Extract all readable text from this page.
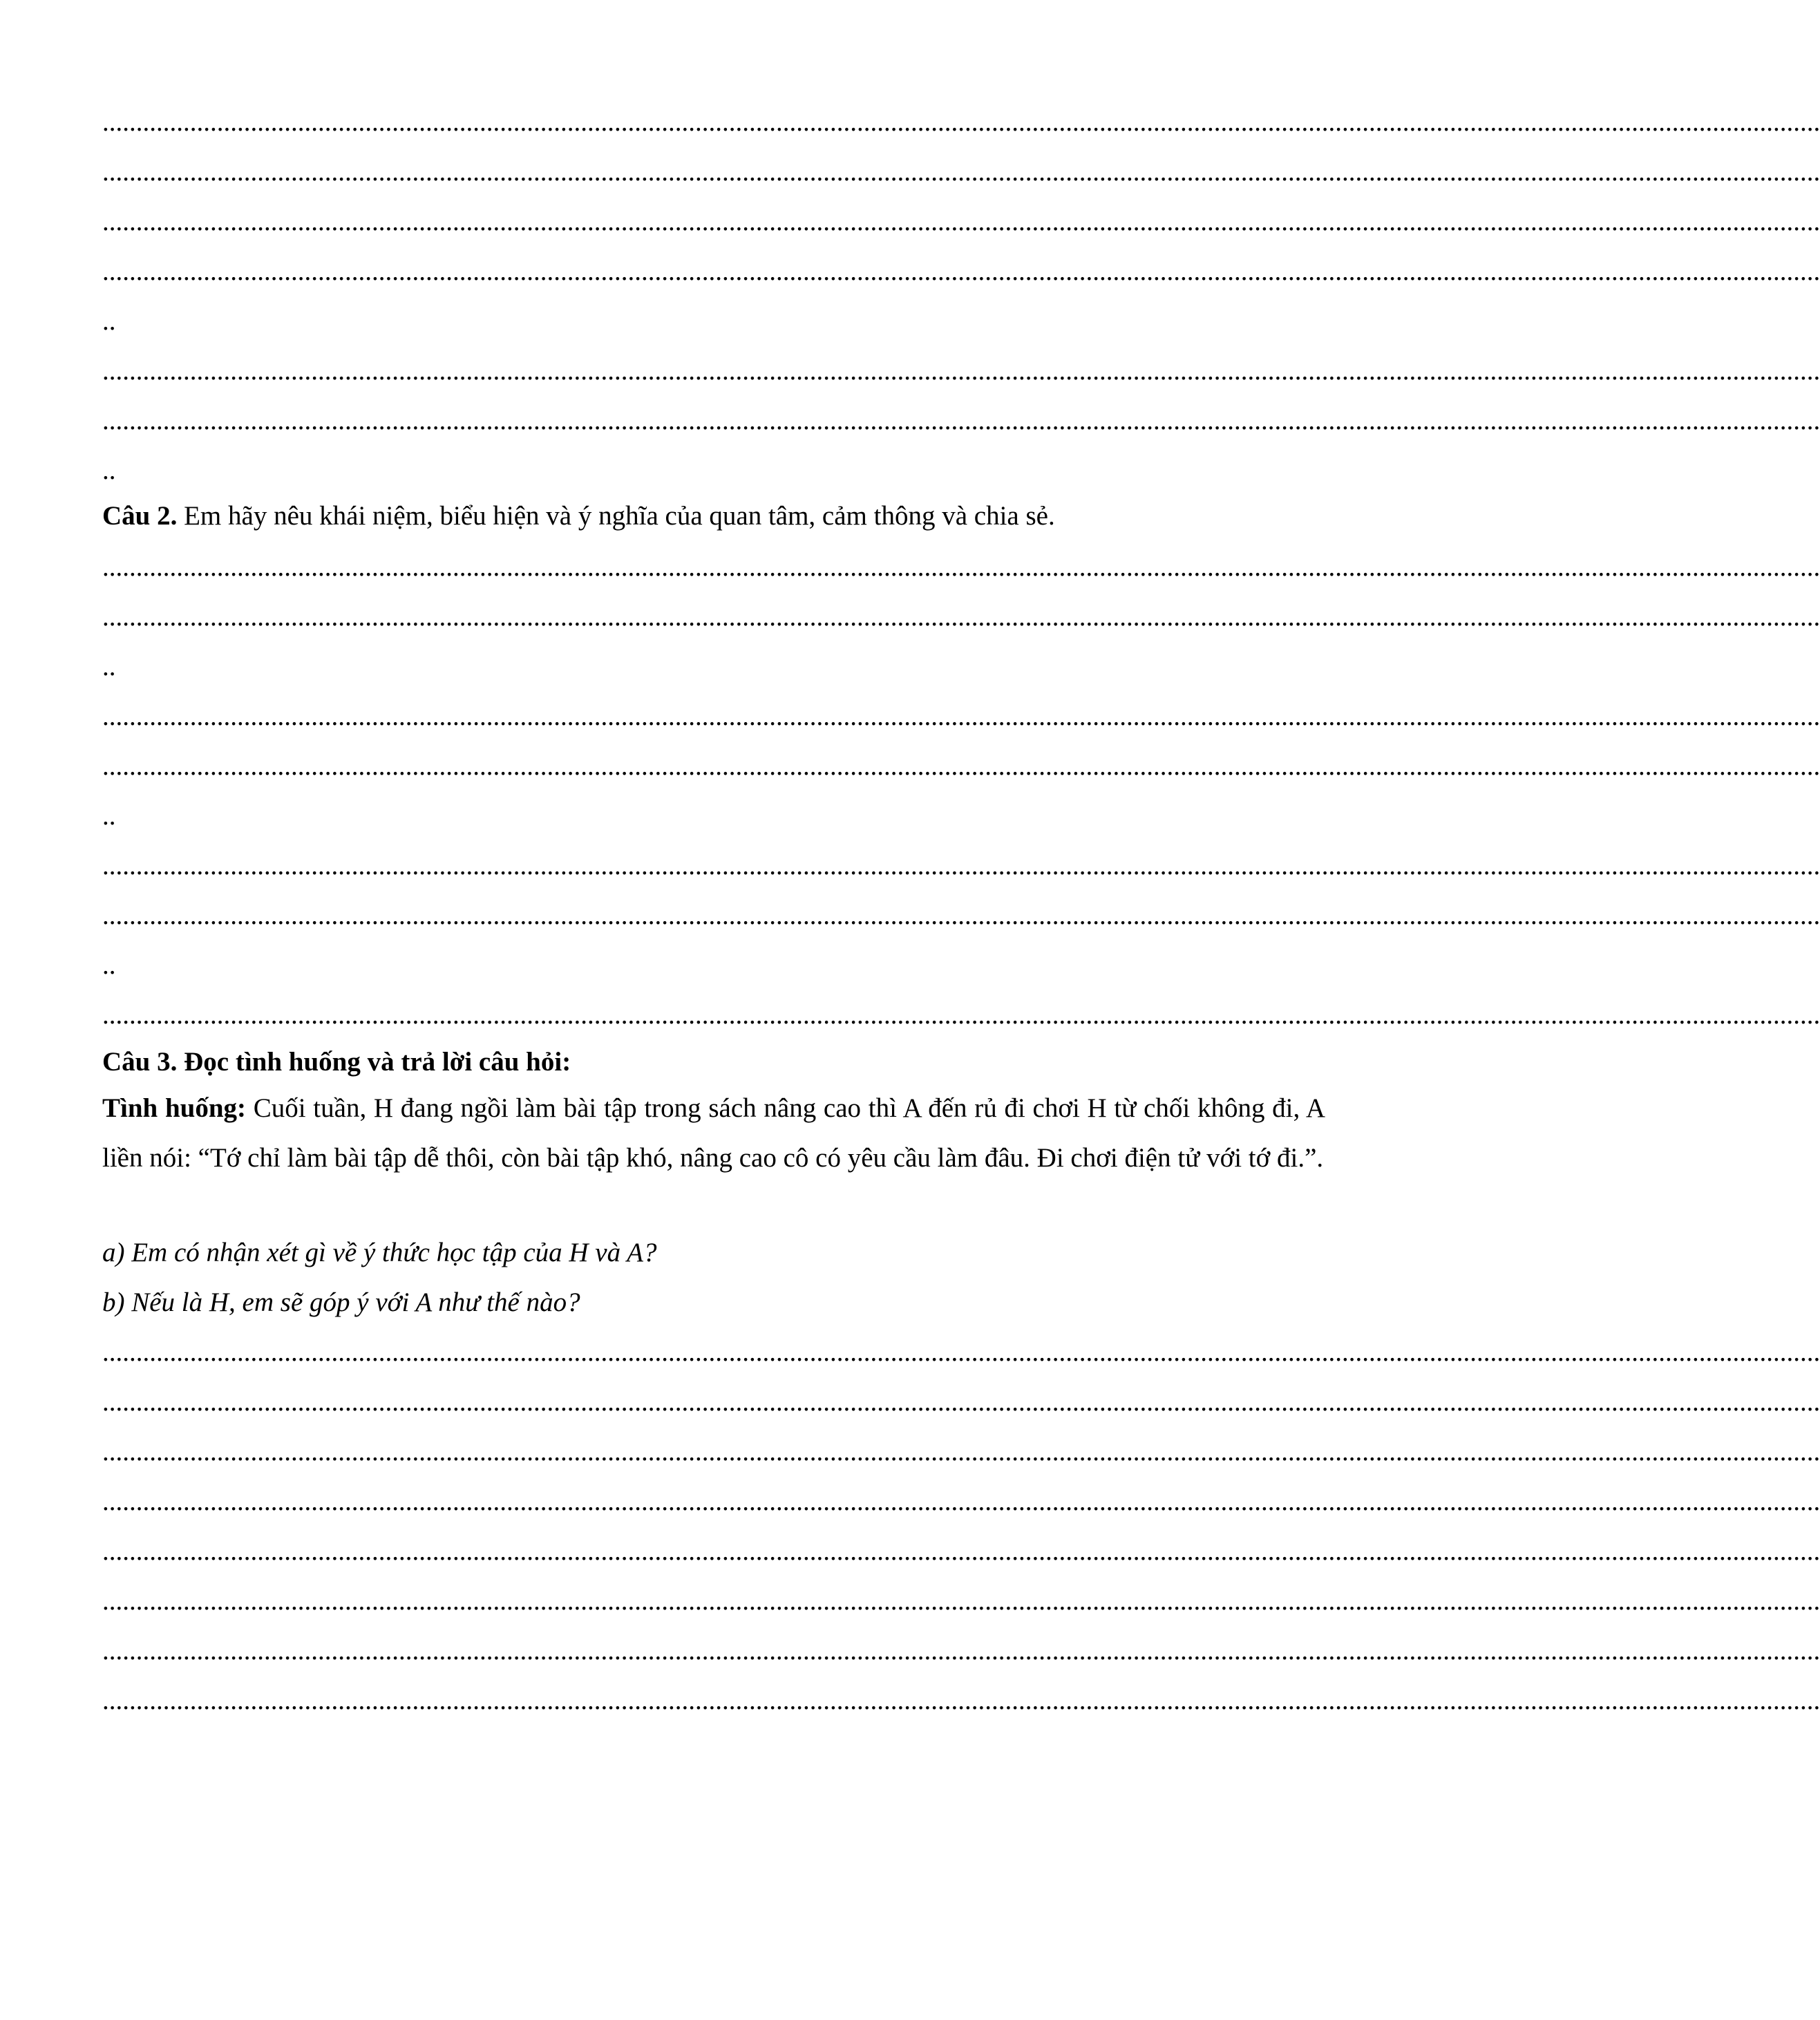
...............................................................................................................................................................................................................................................................
...............................................................................................................................................................................................................................................................
...............................................................................................................................................................................................................................................................
...............................................................................................................................................................................................................................................................
..
...............................................................................................................................................................................................................................................................
...............................................................................................................................................................................................................................................................
..
Câu 2. Em hãy nêu khái niệm, biểu hiện và ý nghĩa của quan tâm, cảm thông và chia sẻ.
...............................................................................................................................................................................................................................................................
...............................................................................................................................................................................................................................................................
..
...............................................................................................................................................................................................................................................................
...............................................................................................................................................................................................................................................................
..
...............................................................................................................................................................................................................................................................
...............................................................................................................................................................................................................................................................
..
...............................................................................................................................................................................................................................................................
Câu 3. Đọc tình huống và trả lời câu hỏi:
Tình huống: Cuối tuần, H đang ngồi làm bài tập trong sách nâng cao thì A đến rủ đi chơi H từ chối không đi, A liền nói: “Tớ chỉ làm bài tập dễ thôi, còn bài tập khó, nâng cao cô có yêu cầu làm đâu. Đi chơi điện tử với tớ đi.”.
a) Em có nhận xét gì về ý thức học tập của H và A?
b) Nếu là H, em sẽ góp ý với A như thế nào?
...............................................................................................................................................................................................................................................................
...............................................................................................................................................................................................................................................................
...............................................................................................................................................................................................................................................................
...............................................................................................................................................................................................................................................................
...............................................................................................................................................................................................................................................................
...............................................................................................................................................................................................................................................................
...............................................................................................................................................................................................................................................................
...............................................................................................................................................................................................................................................................
